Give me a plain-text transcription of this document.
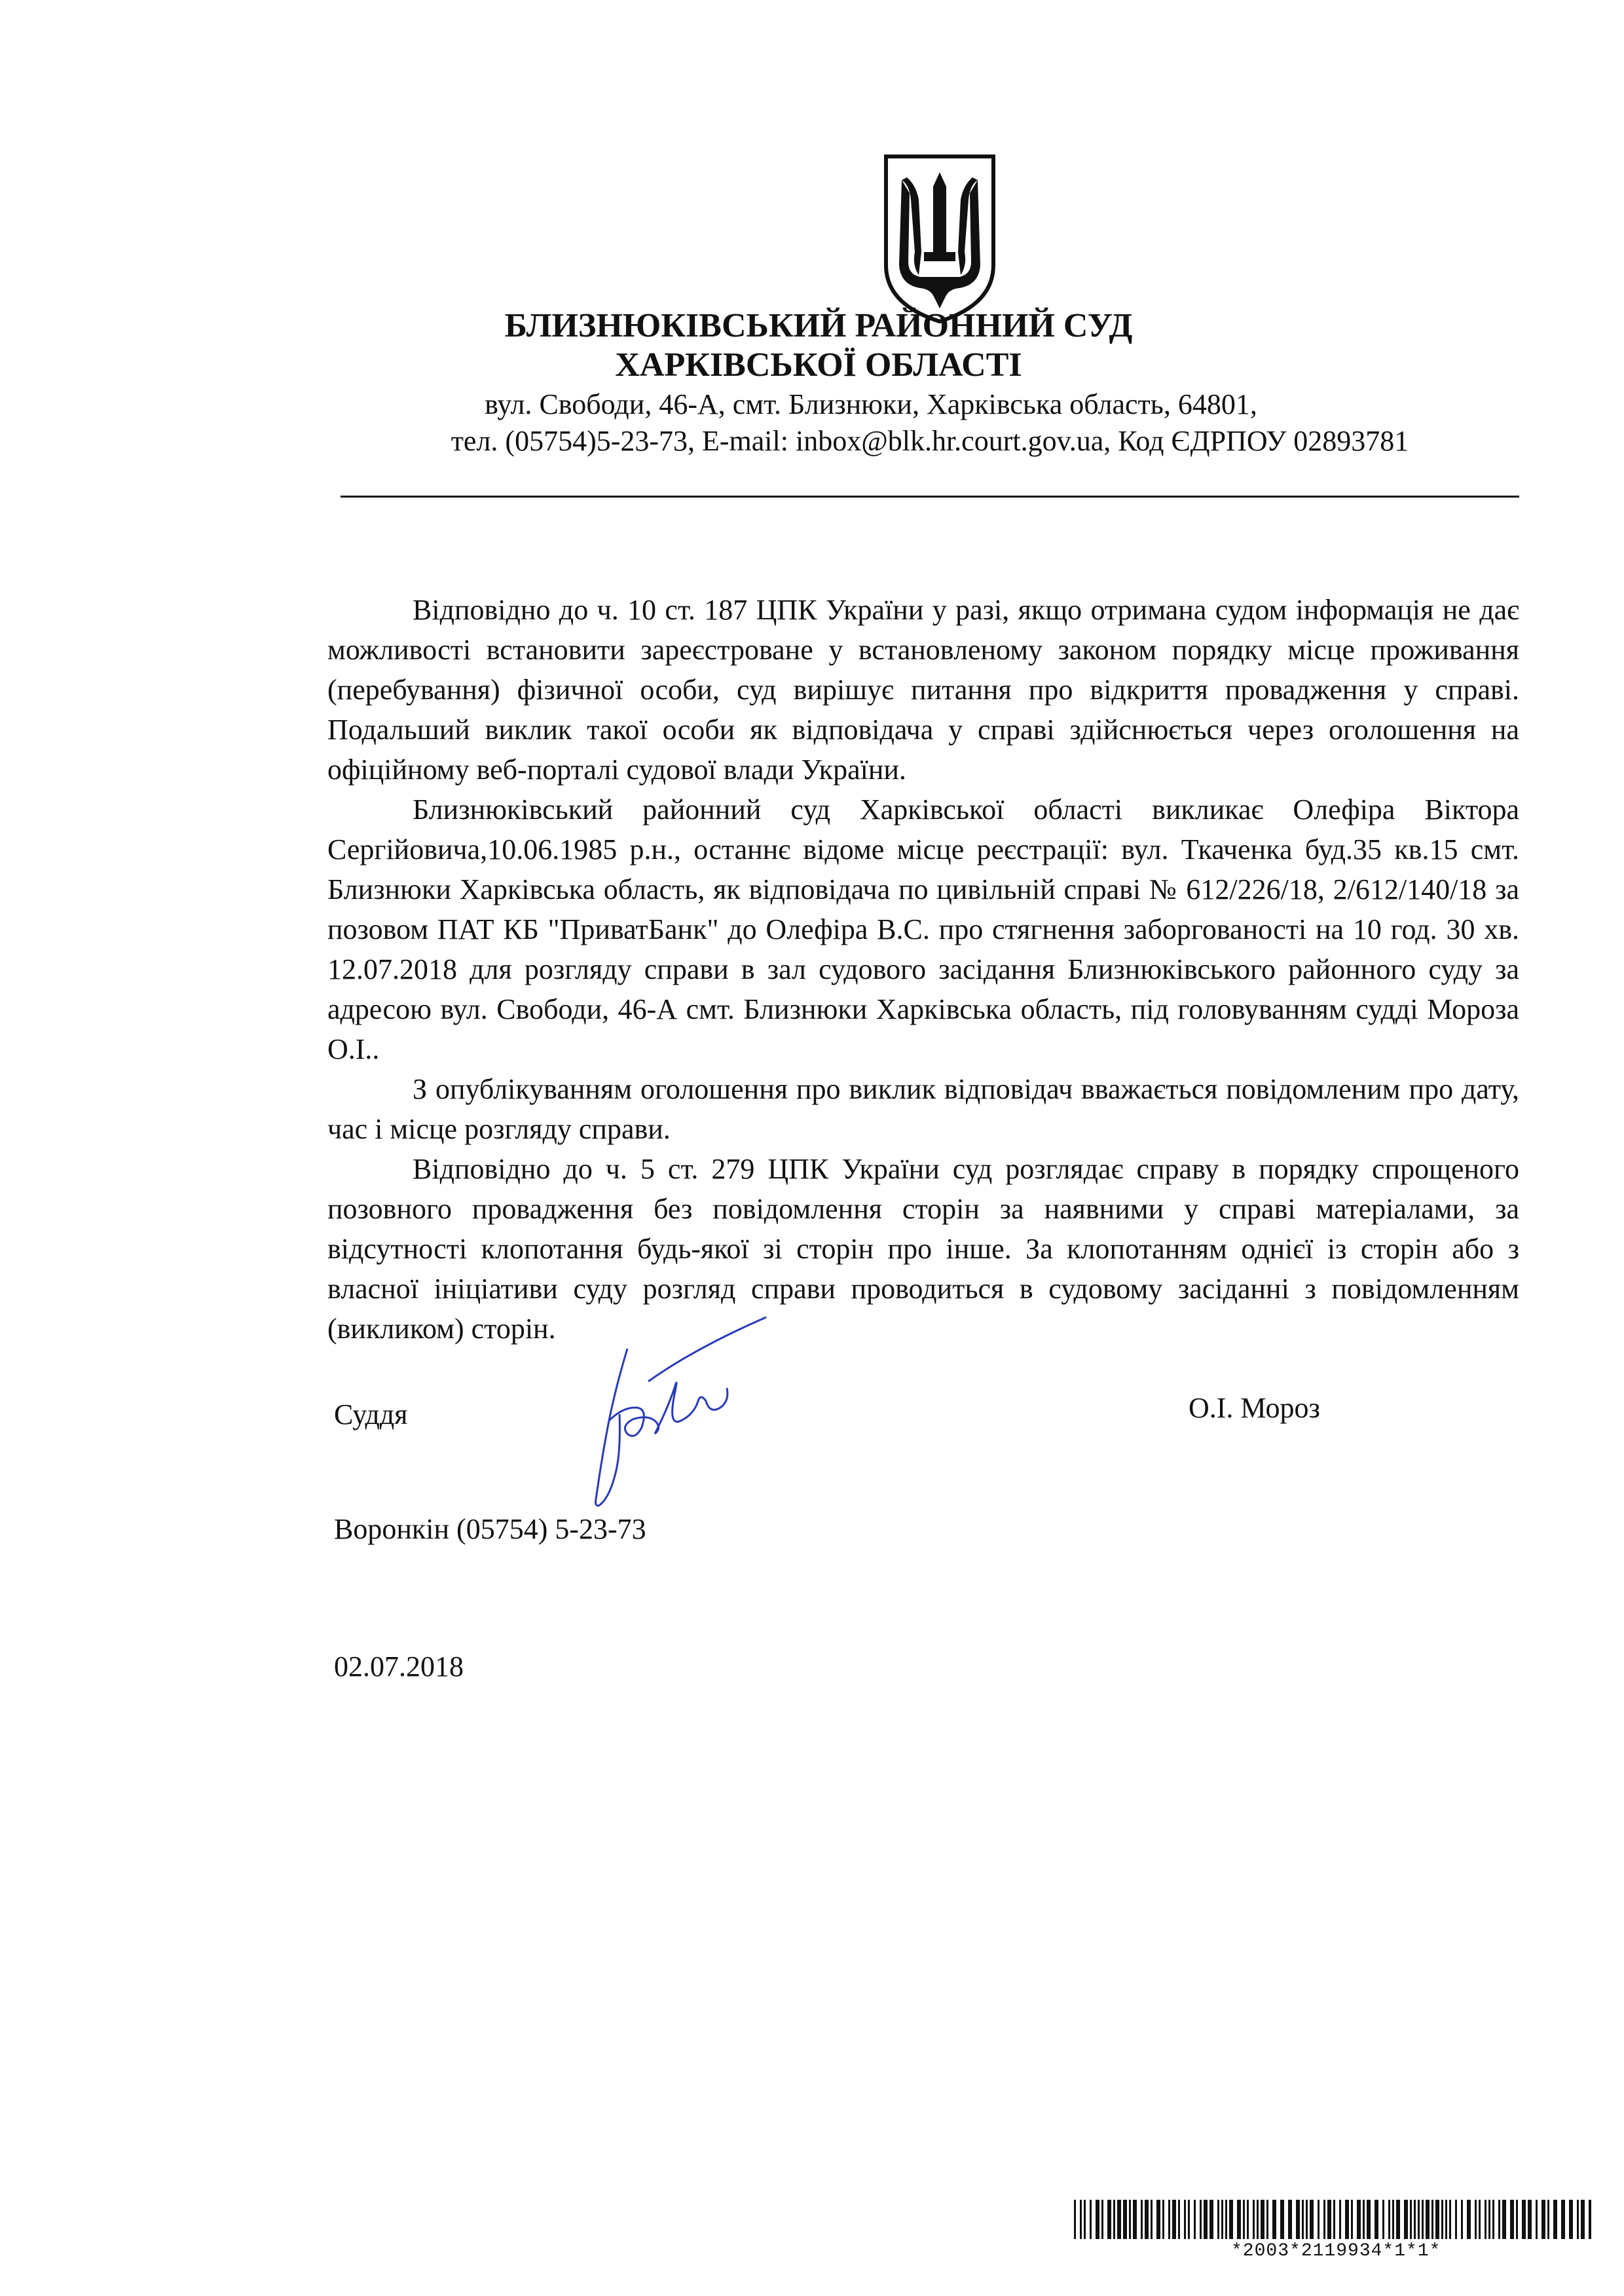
БЛИЗНЮКІВСЬКИЙ РАЙОННИЙ СУД
ХАРКІВСЬКОЇ ОБЛАСТІ
вул. Свободи, 46-А, смт. Близнюки, Харківська область, 64801,
тел. (05754)5-23-73, E-mail: inbox@blk.hr.court.gov.ua, Код ЄДРПОУ 02893781

Відповідно до ч. 10 ст. 187 ЦПК України у разі, якщо отримана судом інформація не дає можливості встановити зареєстроване у встановленому законом порядку місце проживання (перебування) фізичної особи, суд вирішує питання про відкриття провадження у справі. Подальший виклик такої особи як відповідача у справі здійснюється через оголошення на офіційному веб-порталі судової влади України.

Близнюківський районний суд Харківської області викликає Олефіра Віктора Сергійовича,10.06.1985 р.н., останнє відоме місце реєстрації: вул. Ткаченка буд.35 кв.15 смт. Близнюки Харківська область, як відповідача по цивільній справі № 612/226/18, 2/612/140/18 за позовом ПАТ КБ "ПриватБанк" до Олефіра В.С. про стягнення заборгованості на 10 год. 30 хв. 12.07.2018 для розгляду справи в зал судового засідання Близнюківського районного суду за адресою вул. Свободи, 46-А смт. Близнюки Харківська область, під головуванням судді Мороза О.І..

З опублікуванням оголошення про виклик відповідач вважається повідомленим про дату, час і місце розгляду справи.

Відповідно до ч. 5 ст. 279 ЦПК України суд розглядає справу в порядку спрощеного позовного провадження без повідомлення сторін за наявними у справі матеріалами, за відсутності клопотання будь-якої зі сторін про інше. За клопотанням однієї із сторін або з власної ініціативи суду розгляд справи проводиться в судовому засіданні з повідомленням (викликом) сторін.

Суддя	О.І. Мороз
Воронкін (05754) 5-23-73
02.07.2018
*2003*2119934*1*1*
